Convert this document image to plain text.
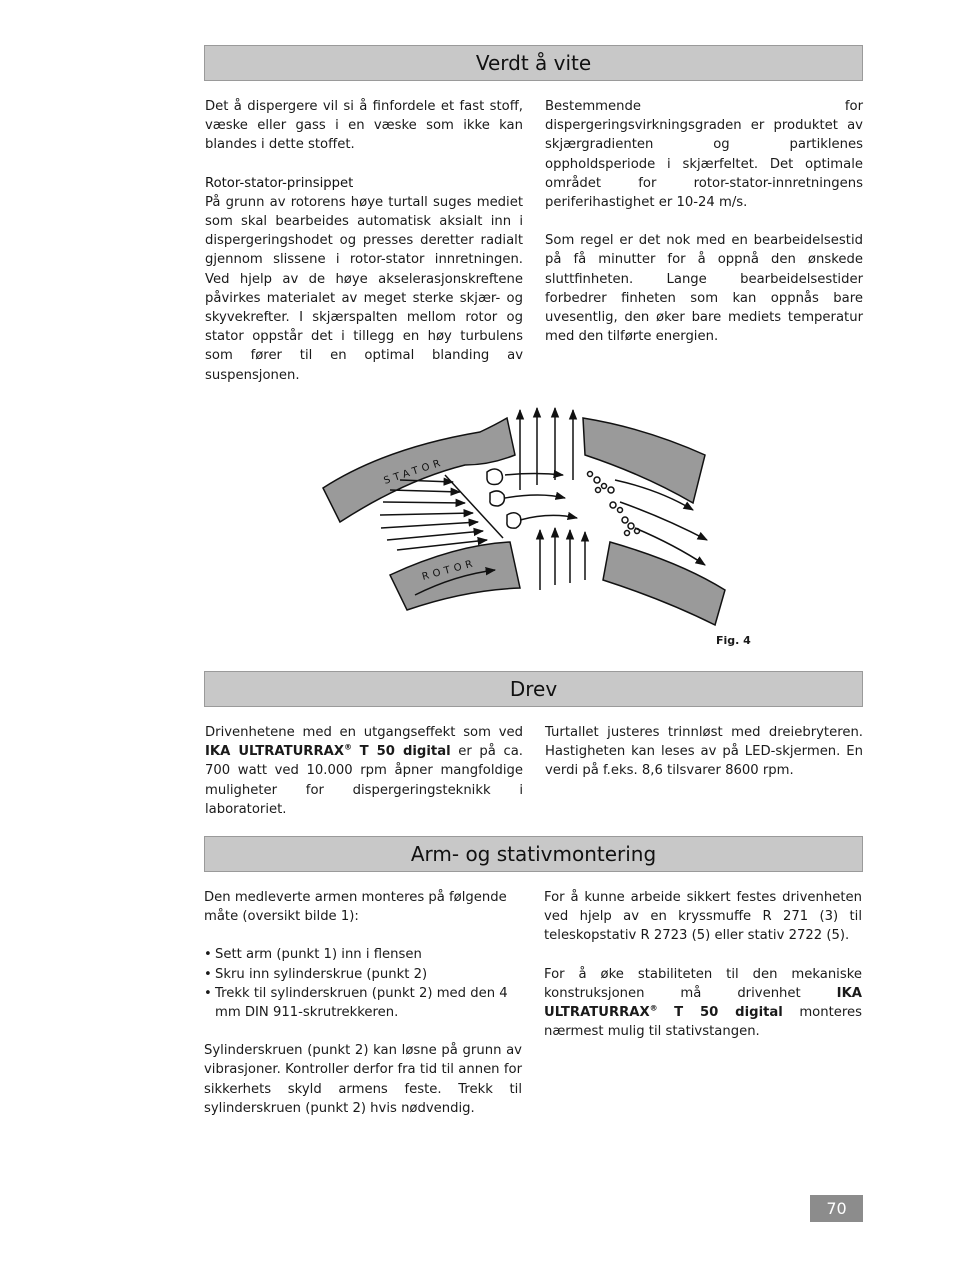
Verdt å vite

Det å dispergere vil si å finfordele et fast stoff, væske eller gass i en væske som ikke kan blandes i dette stoffet.

Rotor-stator-prinsippet

På grunn av rotorens høye turtall suges mediet som skal bearbeides automatisk aksialt inn i dispergeringshodet og presses deretter radialt gjennom slissene i rotor-stator innretningen. Ved hjelp av de høye akselerasjonskreftene påvirkes materialet av meget sterke skjær- og skyvekrefter. I skjærspalten mellom rotor og stator oppstår det i tillegg en høy turbulens som fører til en optimal blanding av suspensjonen.

Bestemmende for dispergeringsvirkningsgraden er produktet av skjærgradienten og partiklenes oppholdsperiode i skjærfeltet. Det optimale området for rotor-stator-innretningens periferihastighet er 10-24 m/s.

Som regel er det nok med en bearbeidelsestid på få minutter for å oppnå den ønskede sluttfinheten. Lange bearbeidelsestider forbedrer finheten som kan oppnås bare uvesentlig, den øker bare mediets temperatur med den tilførte energien.

STATOR
ROTOR
Fig. 4
Drev

Drivenhetene med en utgangseffekt som ved IKA ULTRATURRAX® T 50 digital er på ca. 700 watt ved 10.000 rpm åpner mangfoldige muligheter for dispergeringsteknikk i laboratoriet.

Turtallet justeres trinnløst med dreiebryteren. Hastigheten kan leses av på LED-skjermen. En verdi på f.eks. 8,6 tilsvarer 8600 rpm.

Arm- og stativmontering

Den medleverte armen monteres på følgende måte (oversikt bilde 1):

• Sett arm (punkt 1) inn i flensen
• Skru inn sylinderskrue (punkt 2)
• Trekk til sylinderskruen (punkt 2) med den 4 mm DIN 911-skrutrekkeren.

Sylinderskruen (punkt 2) kan løsne på grunn av vibrasjoner. Kontroller derfor fra tid til annen for sikkerhets skyld armens feste. Trekk til sylinderskruen (punkt 2) hvis nødvendig.

For å kunne arbeide sikkert festes drivenheten ved hjelp av en kryssmuffe R 271 (3) til teleskopstativ R 2723 (5) eller stativ 2722 (5).

For å øke stabiliteten til den mekaniske konstruksjonen må drivenhet	IKA ULTRATURRAX® T 50 digital monteres nærmest mulig til stativstangen.

70
